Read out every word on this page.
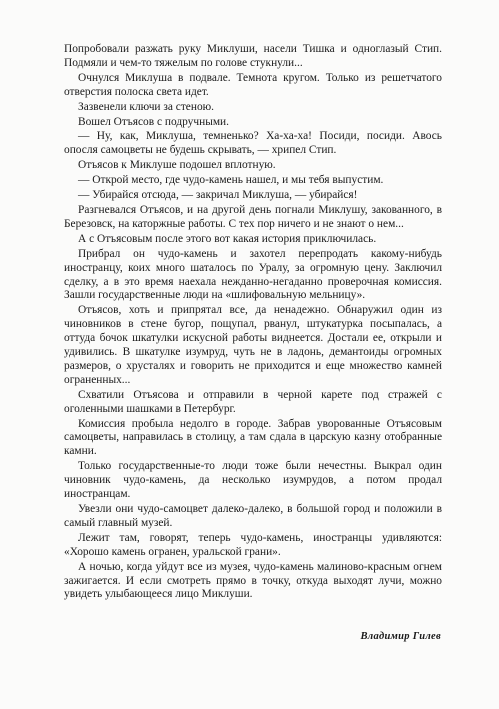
Попробовали разжать руку Миклуши, насели Тишка и одноглазый Стип. Подмяли и чем-то тяжелым по голове стукнули...

Очнулся Миклуша в подвале. Темнота кругом. Только из решетчатого отверстия полоска света идет.

Зазвенели ключи за стеною.

Вошел Отъясов с подручными.

— Ну, как, Миклуша, темненько? Ха-ха-ха! Посиди, посиди. Авось опосля самоцветы не будешь скрывать, — хрипел Стип.

Отъясов к Миклуше подошел вплотную.

— Открой место, где чудо-камень нашел, и мы тебя выпустим.

— Убирайся отсюда, — закричал Миклуша, — убирайся!

Разгневался Отъясов, и на другой день погнали Миклушу, закованного, в Березовск, на каторжные работы. С тех пор ничего и не знают о нем...

А с Отъясовым после этого вот какая история приключилась.

Прибрал он чудо-камень и захотел перепродать какому-нибудь иностранцу, коих много шаталось по Уралу, за огромную цену. Заключил сделку, а в это время наехала нежданно-негаданно проверочная комиссия. Зашли государственные люди на «шлифовальную мельницу».

Отъясов, хоть и припрятал все, да ненадежно. Обнаружил один из чиновников в стене бугор, пощупал, рванул, штукатурка посыпалась, а оттуда бочок шкатулки искусной работы виднеется. Достали ее, открыли и удивились. В шкатулке изумруд, чуть не в ладонь, демантоиды огромных размеров, о хрусталях и говорить не приходится и еще множество камней ограненных...

Схватили Отъясова и отправили в черной карете под стражей с оголенными шашками в Петербург.

Комиссия пробыла недолго в городе. Забрав уворованные Отъясовым самоцветы, направилась в столицу, а там сдала в царскую казну отобранные камни.

Только государственные-то люди тоже были нечестны. Выкрал один чиновник чудо-камень, да несколько изумрудов, а потом продал иностранцам.

Увезли они чудо-самоцвет далеко-далеко, в большой город и положили в самый главный музей.

Лежит там, говорят, теперь чудо-камень, иностранцы удивляются: «Хорошо камень огранен, уральской грани».

А ночью, когда уйдут все из музея, чудо-камень малиново-красным огнем зажигается. И если смотреть прямо в точку, откуда выходят лучи, можно увидеть улыбающееся лицо Миклуши.

Владимир Гилев
